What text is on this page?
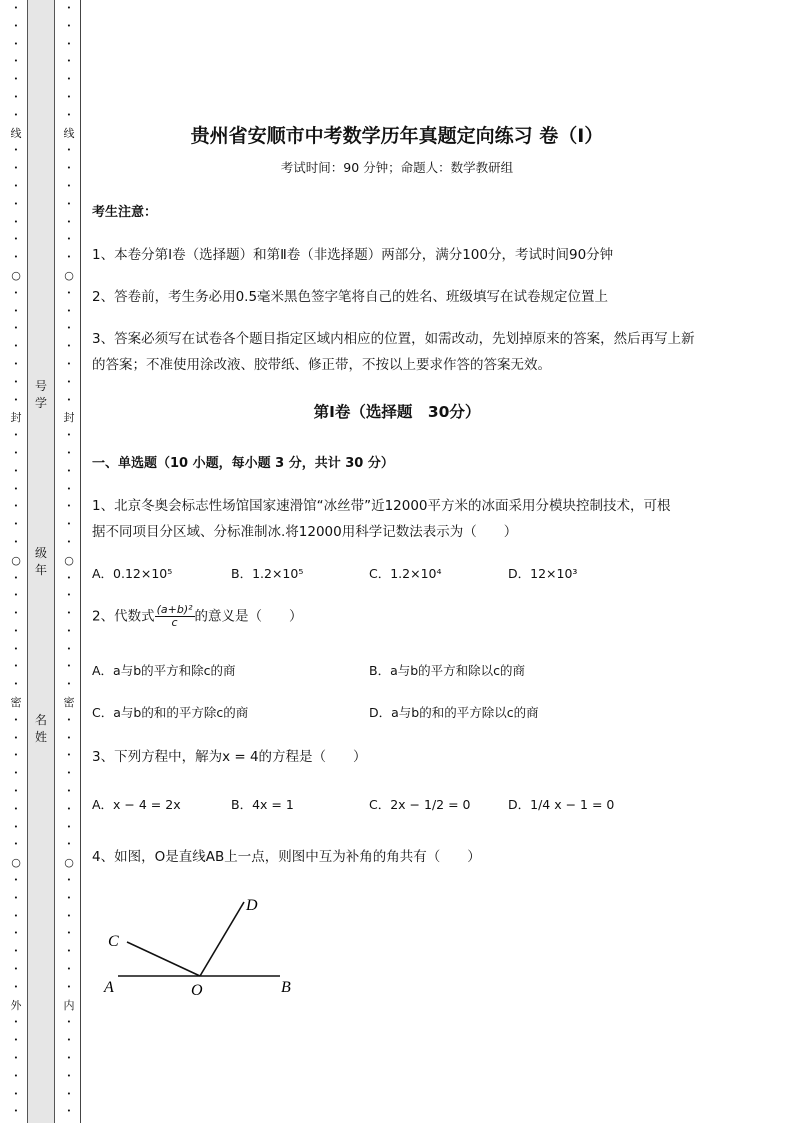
•
•
•
•
•
•
•
线
•
•
•
•
•
•
•
○
•
•
•
•
•
•
•
封
•
•
•
•
•
•
•
○
•
•
•
•
•
•
•
密
•
•
•
•
•
•
•
•
○
•
•
•
•
•
•
•
外
•
•
•
•
•
•
•
•
•
•
•
•
•
线
•
•
•
•
•
•
•
○
•
•
•
•
•
•
•
封
•
•
•
•
•
•
•
○
•
•
•
•
•
•
•
密
•
•
•
•
•
•
•
•
○
•
•
•
•
•
•
•
内
•
•
•
•
•
•
号
学
级
年
名
姓
贵州省安顺市中考数学历年真题定向练习 卷（Ⅰ）
考试时间：90 分钟；命题人：数学教研组
考生注意：
1、本卷分第Ⅰ卷（选择题）和第Ⅱ卷（非选择题）两部分，满分100分，考试时间90分钟
2、答卷前，考生务必用0.5毫米黑色签字笔将自己的姓名、班级填写在试卷规定位置上
3、答案必须写在试卷各个题目指定区域内相应的位置，如需改动，先划掉原来的答案，然后再写上新
的答案；不准使用涂改液、胶带纸、修正带，不按以上要求作答的答案无效。
第Ⅰ卷（选择题　30分）
一、单选题（10 小题，每小题 3 分，共计 30 分）
1、北京冬奥会标志性场馆国家速滑馆“冰丝带”近12000平方米的冰面采用分模块控制技术，可根
据不同项目分区域、分标准制冰.将12000用科学记数法表示为（　　）
A．0.12×10⁵	B．1.2×10⁵	C．1.2×10⁴	D．12×10³
2、代数式 $\frac{\text{(a+b)²}}{c}$ 的意义是（　　）
A．a与b的平方和除c的商	B．a与b的平方和除以c的商
C．a与b的和的平方除c的商	D．a与b的和的平方除以c的商
3、下列方程中，解为x = 4的方程是（　　）
A．x − 4 = 2x	B．4x = 1	C．2x − 1/2 = 0	D．1/4 x − 1 = 0
4、如图，O是直线AB上一点，则图中互为补角的角共有（　　）
A	B
C
D
O
